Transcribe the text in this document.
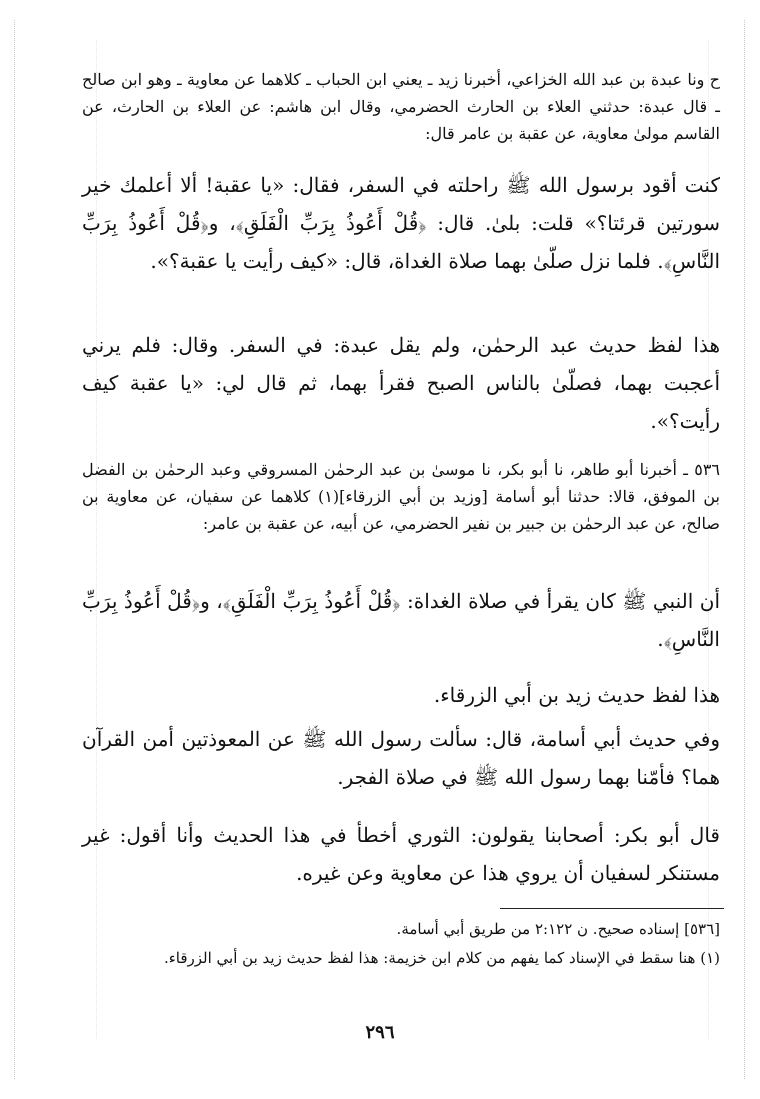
ح ونا عبدة بن عبد الله الخزاعي، أخبرنا زيد ـ يعني ابن الحباب ـ كلاهما عن معاوية ـ وهو ابن صالح ـ قال عبدة: حدثني العلاء بن الحارث الحضرمي، وقال ابن هاشم: عن العلاء بن الحارث، عن القاسم مولىٰ معاوية، عن عقبة بن عامر قال:

كنت أقود برسول الله ﷺ راحلته في السفر، فقال: «يا عقبة! ألا أعلمك خير سورتين قرئتا؟» قلت: بلىٰ. قال: ﴿قُلْ أَعُوذُ بِرَبِّ الْفَلَقِ﴾، و﴿قُلْ أَعُوذُ بِرَبِّ النَّاسِ﴾. فلما نزل صلّىٰ بهما صلاة الغداة، قال: «كيف رأيت يا عقبة؟».

هذا لفظ حديث عبد الرحمٰن، ولم يقل عبدة: في السفر. وقال: فلم يرني أعجبت بهما، فصلّىٰ بالناس الصبح فقرأ بهما، ثم قال لي: «يا عقبة كيف رأيت؟».

٥٣٦ ـ أخبرنا أبو طاهر، نا أبو بكر، نا موسىٰ بن عبد الرحمٰن المسروقي وعبد الرحمٰن بن الفضل بن الموفق، قالا: حدثنا أبو أسامة [وزيد بن أبي الزرقاء](١) كلاهما عن سفيان، عن معاوية بن صالح، عن عبد الرحمٰن بن جبير بن نفير الحضرمي، عن أبيه، عن عقبة بن عامر:

أن النبي ﷺ كان يقرأ في صلاة الغداة: ﴿قُلْ أَعُوذُ بِرَبِّ الْفَلَقِ﴾، و﴿قُلْ أَعُوذُ بِرَبِّ النَّاسِ﴾.

هذا لفظ حديث زيد بن أبي الزرقاء.

وفي حديث أبي أسامة، قال: سألت رسول الله ﷺ عن المعوذتين أمن القرآن هما؟ فأمّنا بهما رسول الله ﷺ في صلاة الفجر.

قال أبو بكر: أصحابنا يقولون: الثوري أخطأ في هذا الحديث وأنا أقول: غير مستنكر لسفيان أن يروي هذا عن معاوية وعن غيره.

[٥٣٦] إسناده صحيح. ن ٢:١٢٢ من طريق أبي أسامة.

(١) هنا سقط في الإسناد كما يفهم من كلام ابن خزيمة: هذا لفظ حديث زيد بن أبي الزرقاء.

٢٩٦
